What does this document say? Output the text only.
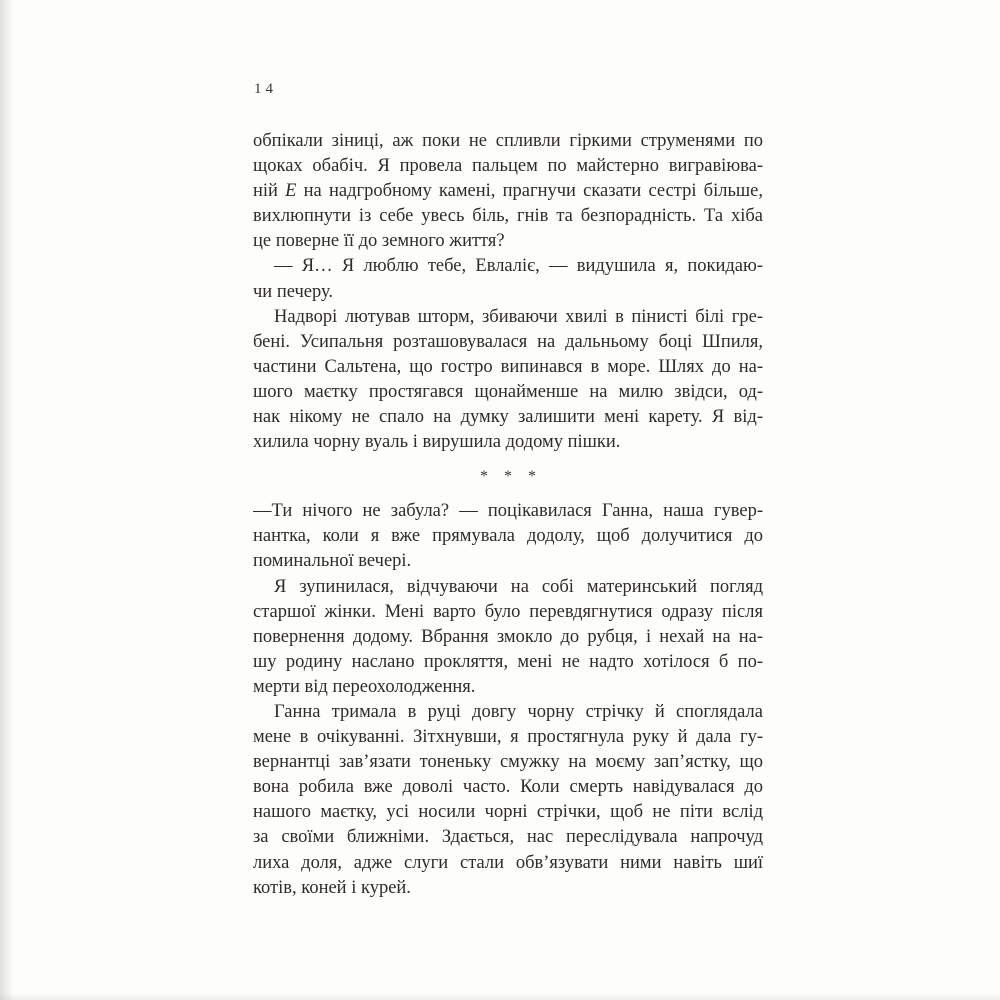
14
обпікали зіниці, аж поки не спливли гіркими струменями по
щоках обабіч. Я провела пальцем по майстерно вигравіюва-
ній Е на надгробному камені, прагнучи сказати сестрі більше,
вихлюпнути із себе увесь біль, гнів та безпорадність. Та хіба
це поверне її до земного життя?
— Я… Я люблю тебе, Евлаліє, — видушила я, покидаю-
чи печеру.
Надворі лютував шторм, збиваючи хвилі в пінисті білі гре-
бені. Усипальня розташовувалася на дальньому боці Шпиля,
частини Сальтена, що гостро випинався в море. Шлях до на-
шого маєтку простягався щонайменше на милю звідси, од-
нак нікому не спало на думку залишити мені карету. Я від-
хилила чорну вуаль і вирушила додому пішки.
* * *
—Ти нічого не забула? — поцікавилася Ганна, наша гувер-
нантка, коли я вже прямувала додолу, щоб долучитися до
поминальної вечері.
Я зупинилася, відчуваючи на собі материнський погляд
старшої жінки. Мені варто було перевдягнутися одразу після
повернення додому. Вбрання змокло до рубця, і нехай на на-
шу родину наслано прокляття, мені не надто хотілося б по-
мерти від переохолодження.
Ганна тримала в руці довгу чорну стрічку й споглядала
мене в очікуванні. Зітхнувши, я простягнула руку й дала гу-
вернантці зав’язати тоненьку смужку на моєму зап’ястку, що
вона робила вже доволі часто. Коли смерть навідувалася до
нашого маєтку, усі носили чорні стрічки, щоб не піти вслід
за своїми ближніми. Здається, нас переслідувала напрочуд
лиха доля, адже слуги стали обв’язувати ними навіть шиї
котів, коней і курей.
